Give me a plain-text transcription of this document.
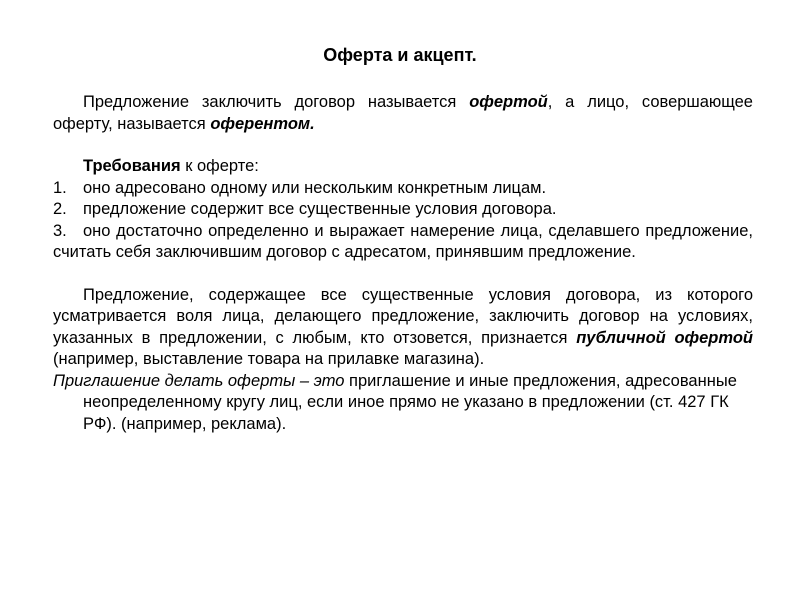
Оферта и акцепт.

Предложение заключить договор называется офертой, а лицо, совершающее оферту, называется оферентом.

Требования к оферте:

1. оно адресовано одному или нескольким конкретным лицам.
2. предложение содержит все существенные условия договора.
3. оно достаточно определенно и выражает намерение лица, сделавшего предложение, считать себя заключившим договор с адресатом, принявшим предложение.

Предложение, содержащее все существенные условия договора, из которого усматривается воля лица, делающего предложение, заключить договор на условиях, указанных в предложении, с любым, кто отзовется, признается публичной офертой (например, выставление товара на прилавке магазина).

Приглашение делать оферты – это приглашение и иные предложения, адресованные неопределенному кругу лиц, если иное прямо не указано в предложении (ст. 427 ГК РФ). (например, реклама).
